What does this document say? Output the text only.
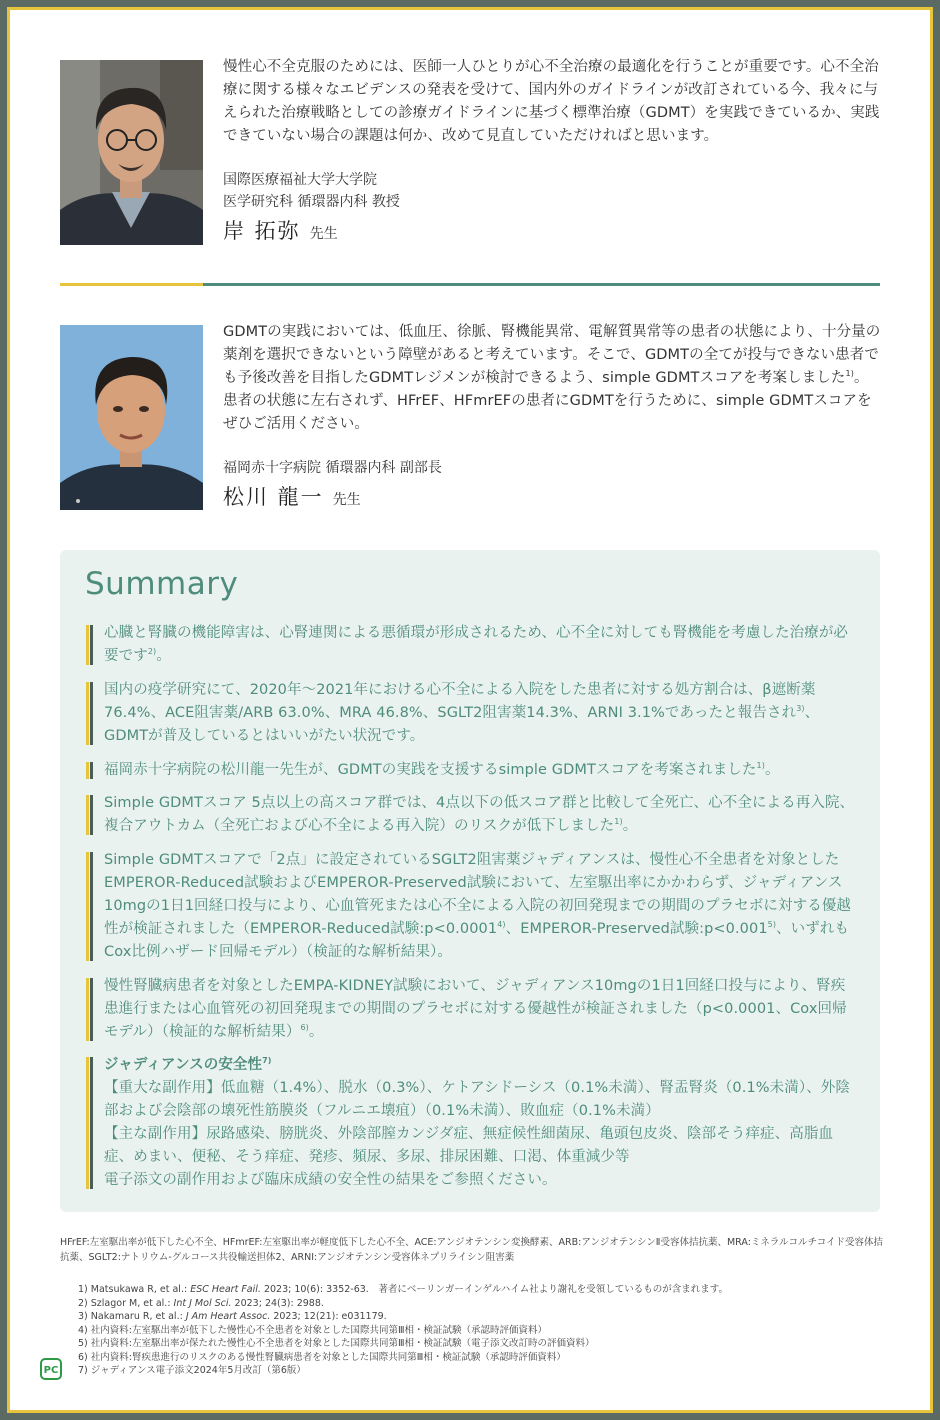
慢性心不全克服のためには、医師一人ひとりが心不全治療の最適化を行うことが重要です。心不全治療に関する様々なエビデンスの発表を受けて、国内外のガイドラインが改訂されている今、我々に与えられた治療戦略としての診療ガイドラインに基づく標準治療（GDMT）を実践できているか、実践できていない場合の課題は何か、改めて見直していただければと思います。

国際医療福祉大学大学院

医学研究科 循環器内科 教授

岸 拓弥 先生

GDMTの実践においては、低血圧、徐脈、腎機能異常、電解質異常等の患者の状態により、十分量の薬剤を選択できないという障壁があると考えています。そこで、GDMTの全てが投与できない患者でも予後改善を目指したGDMTレジメンが検討できるよう、simple GDMTスコアを考案しました$^{1)}$。患者の状態に左右されず、HFrEF、HFmrEFの患者にGDMTを行うために、simple GDMTスコアをぜひご活用ください。

福岡赤十字病院 循環器内科 副部長

松川 龍一 先生
Summary

心臓と腎臓の機能障害は、心腎連関による悪循環が形成されるため、心不全に対しても腎機能を考慮した治療が必要です$^{2)}$。

国内の疫学研究にて、2020年〜2021年における心不全による入院をした患者に対する処方割合は、β遮断薬76.4%、ACE阻害薬/ARB 63.0%、MRA 46.8%、SGLT2阻害薬14.3%、ARNI 3.1%であったと報告され$^{3)}$、GDMTが普及しているとはいいがたい状況です。

福岡赤十字病院の松川龍一先生が、GDMTの実践を支援するsimple GDMTスコアを考案されました$^{1)}$。

Simple GDMTスコア 5点以上の高スコア群では、4点以下の低スコア群と比較して全死亡、心不全による再入院、複合アウトカム（全死亡および心不全による再入院）のリスクが低下しました$^{1)}$。

Simple GDMTスコアで「2点」に設定されているSGLT2阻害薬ジャディアンスは、慢性心不全患者を対象としたEMPEROR-Reduced試験およびEMPEROR-Preserved試験において、左室駆出率にかかわらず、ジャディアンス10mgの1日1回経口投与により、心血管死または心不全による入院の初回発現までの期間のプラセボに対する優越性が検証されました（EMPEROR-Reduced試験$:p<0.0001^{4)}$、EMPEROR-Preserved試験$:p<0.001^{5)}$、いずれもCox比例ハザード回帰モデル）（検証的な解析結果）。

慢性腎臓病患者を対象としたEMPA-KIDNEY試験において、ジャディアンス10mgの1日1回経口投与により、腎疾患進行または心血管死の初回発現までの期間のプラセボに対する優越性が検証されました（p<0.0001、Cox回帰モデル）（検証的な解析結果）$^{6)}$。

ジャディアンスの安全性$^{7)}$

【重大な副作用】低血糖（1.4%）、脱水（0.3%）、ケトアシドーシス（0.1%未満）、腎盂腎炎（0.1%未満）、外陰部および会陰部の壊死性筋膜炎（フルニエ壊疽）（0.1%未満）、敗血症（0.1%未満）

【主な副作用】尿路感染、膀胱炎、外陰部膣カンジダ症、無症候性細菌尿、亀頭包皮炎、陰部そう痒症、高脂血症、めまい、便秘、そう痒症、発疹、頻尿、多尿、排尿困難、口渇、体重減少等

電子添文の副作用および臨床成績の安全性の結果をご参照ください。

HFrEF:左室駆出率が低下した心不全、HFmrEF:左室駆出率が軽度低下した心不全、ACE:アンジオテンシン変換酵素、ARB:アンジオテンシンⅡ受容体拮抗薬、MRA:ミネラルコルチコイド受容体拮抗薬、SGLT2:ナトリウム-グルコース共役輸送担体2、ARNI:アンジオテンシン受容体ネプリライシン阻害薬

1) Matsukawa R, et al.: ESC Heart Fail. 2023; 10(6): 3352-63.　著者にベーリンガーインゲルハイム社より謝礼を受領しているものが含まれます。
2) Szlagor M, et al.: Int J Mol Sci. 2023; 24(3): 2988.
3) Nakamaru R, et al.: J Am Heart Assoc. 2023; 12(21): e031179.
4) 社内資料:左室駆出率が低下した慢性心不全患者を対象とした国際共同第Ⅲ相・検証試験（承認時評価資料）
5) 社内資料:左室駆出率が保たれた慢性心不全患者を対象とした国際共同第Ⅲ相・検証試験（電子添文改訂時の評価資料）
6) 社内資料:腎疾患進行のリスクのある慢性腎臓病患者を対象とした国際共同第Ⅲ相・検証試験（承認時評価資料）
7) ジャディアンス電子添文2024年5月改訂（第6版）
PC
